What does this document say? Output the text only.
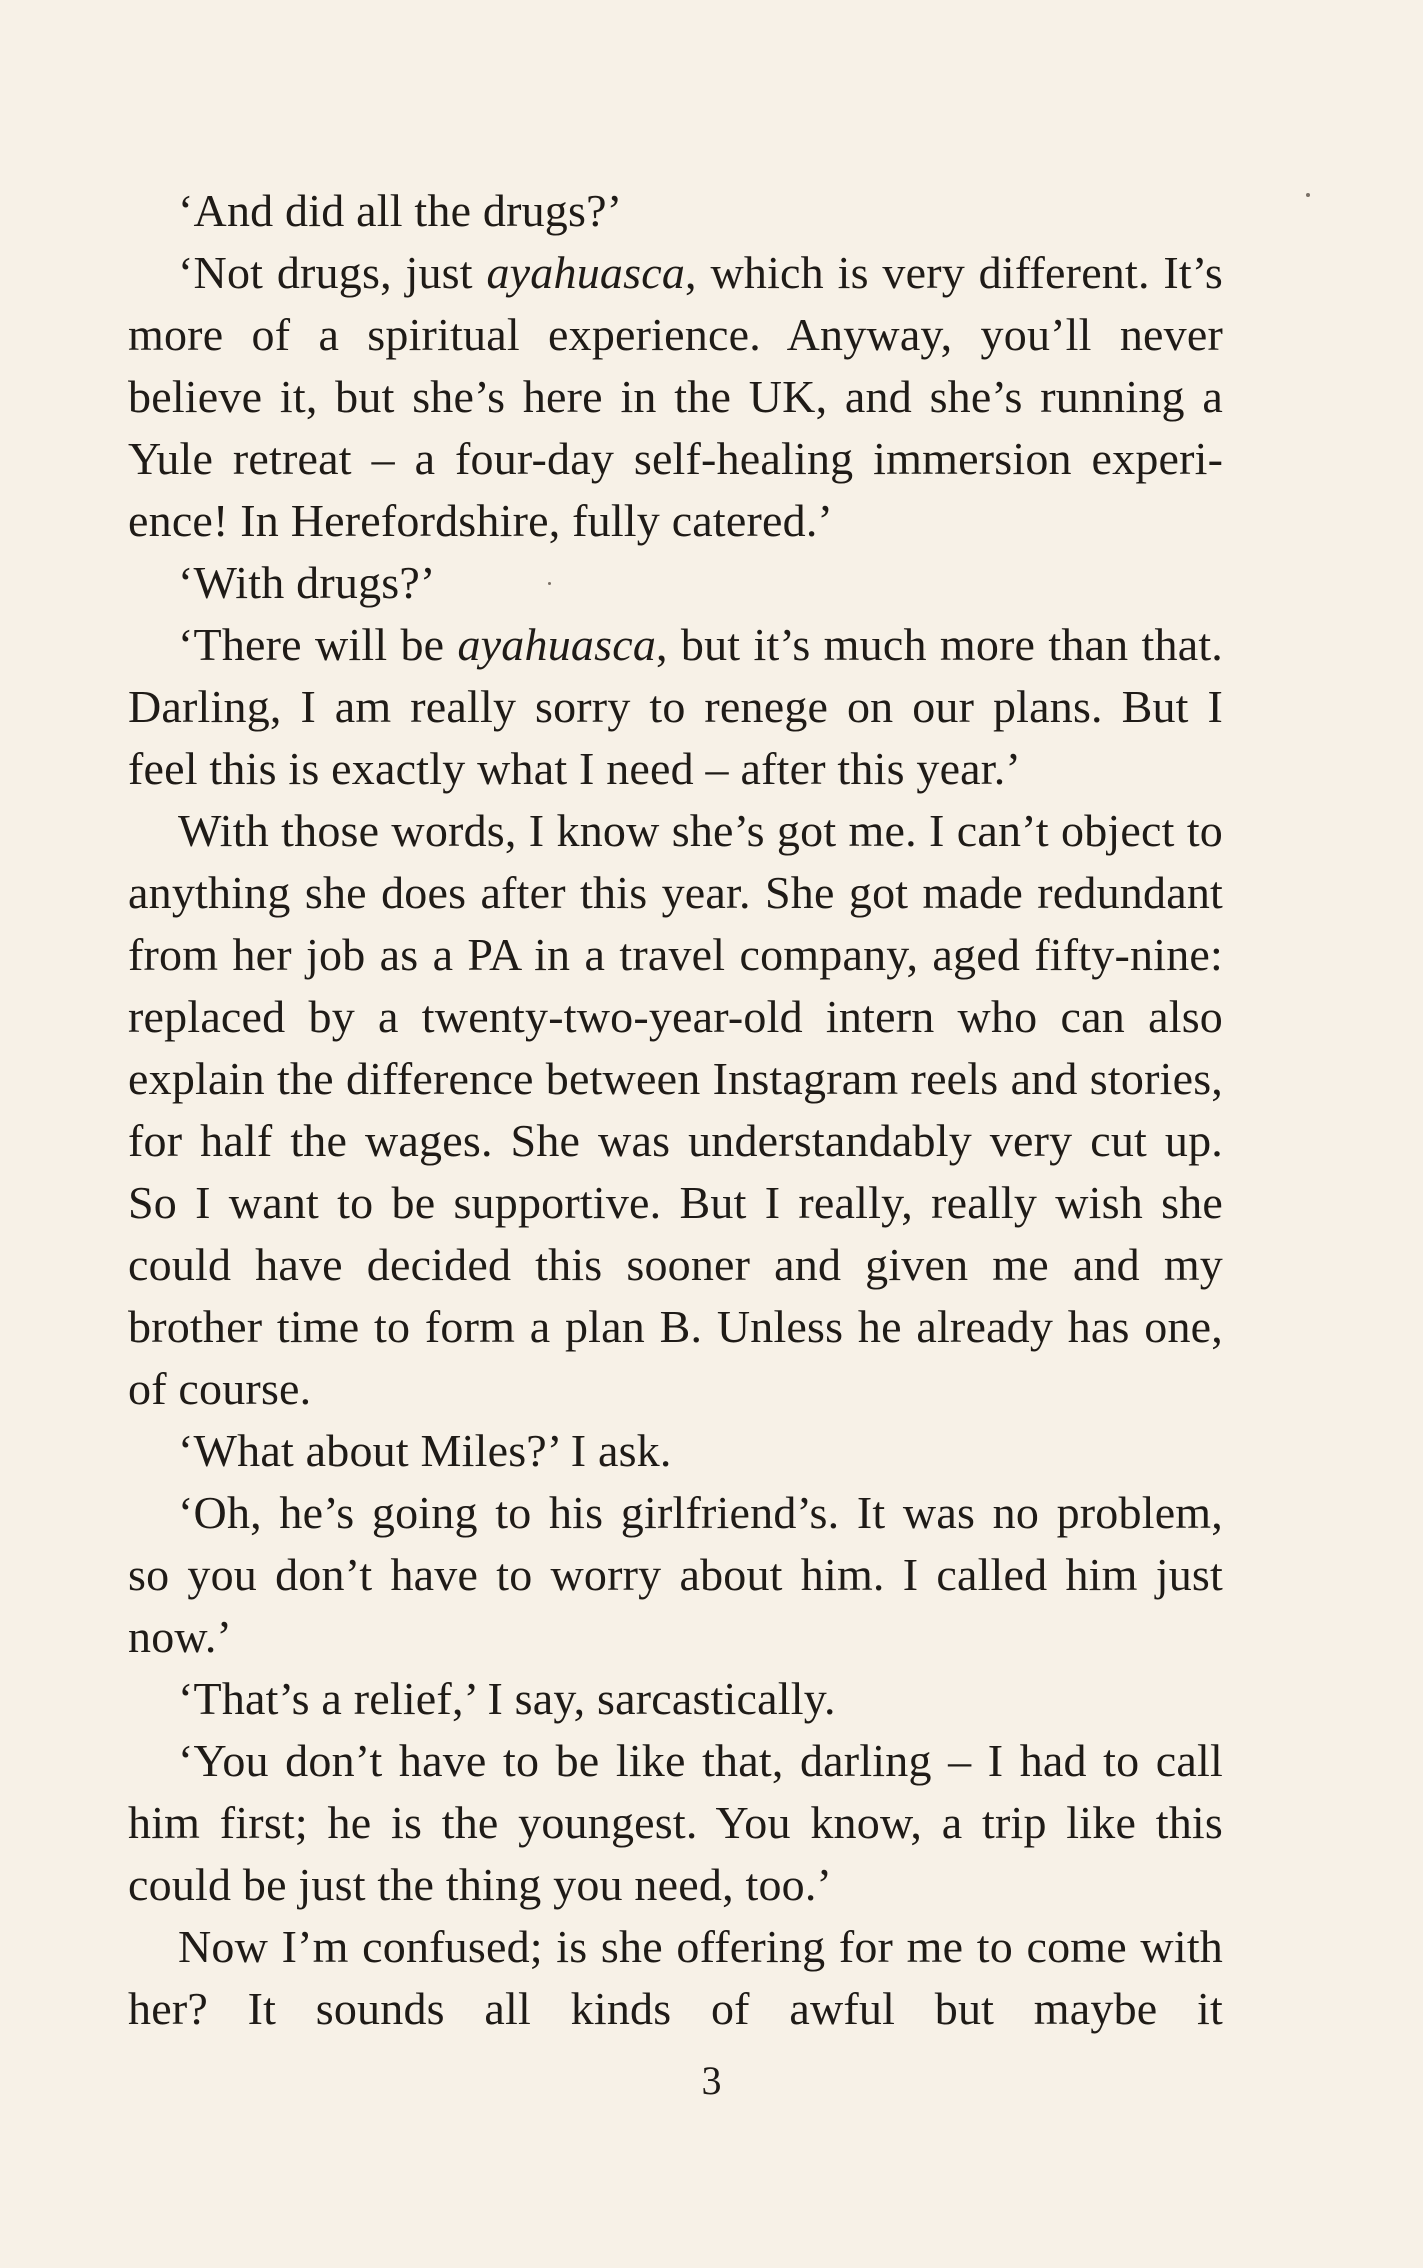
‘And did all the drugs?’

‘Not drugs, just ayahuasca, which is very different. It’s more of a spiritual experience. Anyway, you’ll never believe it, but she’s here in the UK, and she’s running a Yule retreat – a four-day self-healing immersion experience! In Herefordshire, fully catered.’

‘With drugs?’

‘There will be ayahuasca, but it’s much more than that. Darling, I am really sorry to renege on our plans. But I feel this is exactly what I need – after this year.’

With those words, I know she’s got me. I can’t object to anything she does after this year. She got made redundant from her job as a PA in a travel company, aged fifty-nine: replaced by a twenty-two-year-old intern who can also explain the difference between Instagram reels and stories, for half the wages. She was understandably very cut up. So I want to be supportive. But I really, really wish she could have decided this sooner and given me and my brother time to form a plan B. Unless he already has one, of course.

‘What about Miles?’ I ask.

‘Oh, he’s going to his girlfriend’s. It was no problem, so you don’t have to worry about him. I called him just now.’

‘That’s a relief,’ I say, sarcastically.

‘You don’t have to be like that, darling – I had to call him first; he is the youngest. You know, a trip like this could be just the thing you need, too.’

Now I’m confused; is she offering for me to come with her? It sounds all kinds of awful but maybe it

3
